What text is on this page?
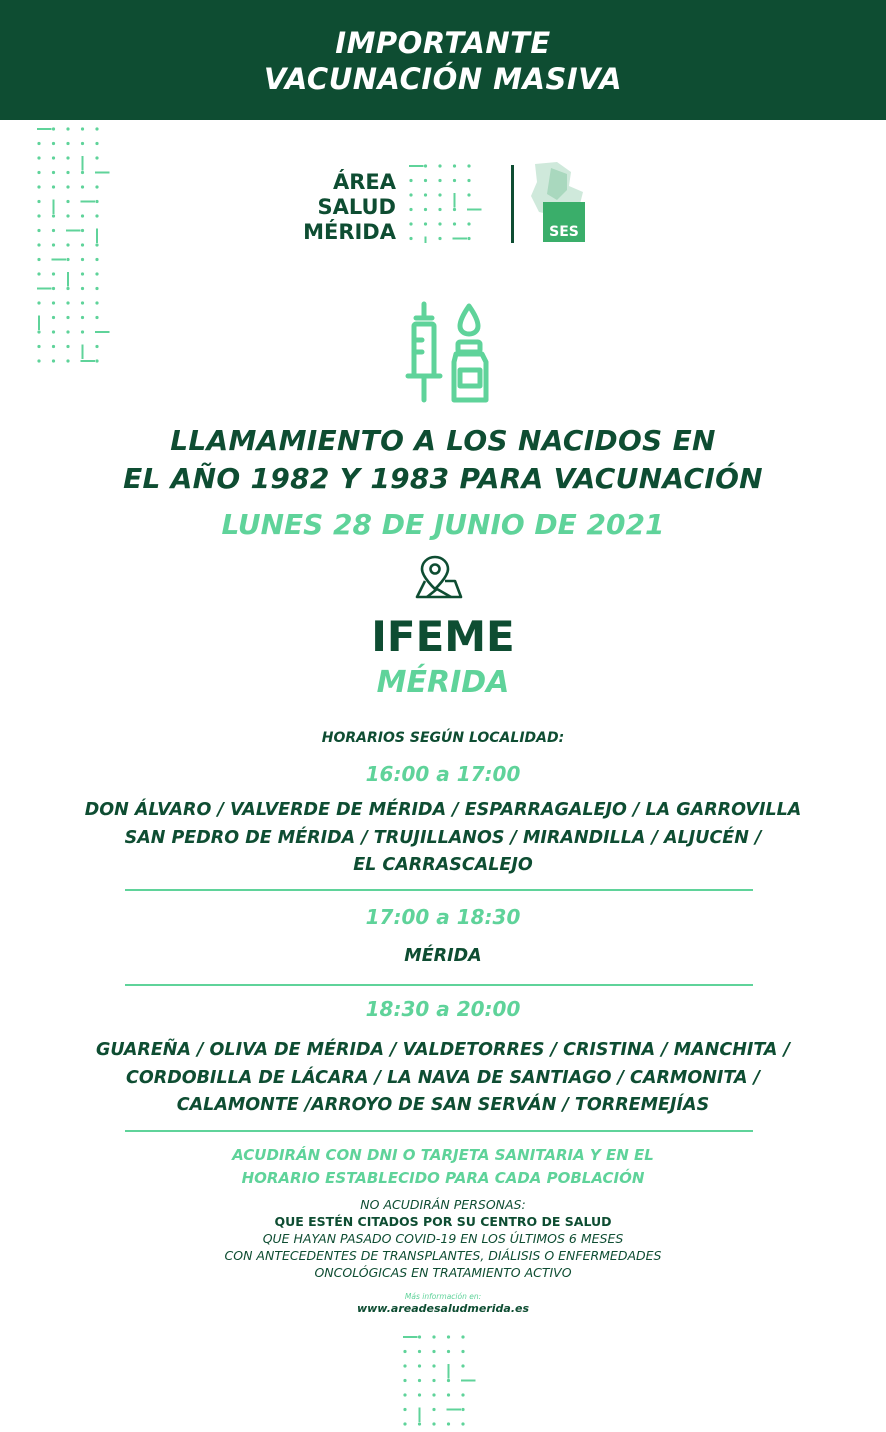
IMPORTANTE
VACUNACIÓN MASIVA
ÁREA
SALUD
MÉRIDA	SES
LLAMAMIENTO A LOS NACIDOS EN
EL AÑO 1982 Y 1983 PARA VACUNACIÓN
LUNES 28 DE JUNIO DE 2021
IFEME
MÉRIDA
HORARIOS SEGÚN LOCALIDAD:
16:00 a 17:00
DON ÁLVARO / VALVERDE DE MÉRIDA / ESPARRAGALEJO / LA GARROVILLA
SAN PEDRO DE MÉRIDA / TRUJILLANOS / MIRANDILLA / ALJUCÉN /
EL CARRASCALEJO
17:00 a 18:30
MÉRIDA
18:30 a 20:00
GUAREÑA / OLIVA DE MÉRIDA / VALDETORRES / CRISTINA / MANCHITA /
CORDOBILLA DE LÁCARA / LA NAVA DE SANTIAGO / CARMONITA /
CALAMONTE /ARROYO DE SAN SERVÁN / TORREMEJÍAS
ACUDIRÁN CON DNI O TARJETA SANITARIA Y EN EL
HORARIO ESTABLECIDO PARA CADA POBLACIÓN
NO ACUDIRÁN PERSONAS:
QUE ESTÉN CITADOS POR SU CENTRO DE SALUD
QUE HAYAN PASADO COVID-19 EN LOS ÚLTIMOS 6 MESES
CON ANTECEDENTES DE TRANSPLANTES, DIÁLISIS O ENFERMEDADES
ONCOLÓGICAS EN TRATAMIENTO ACTIVO
Más información en:
www.areadesaludmerida.es
